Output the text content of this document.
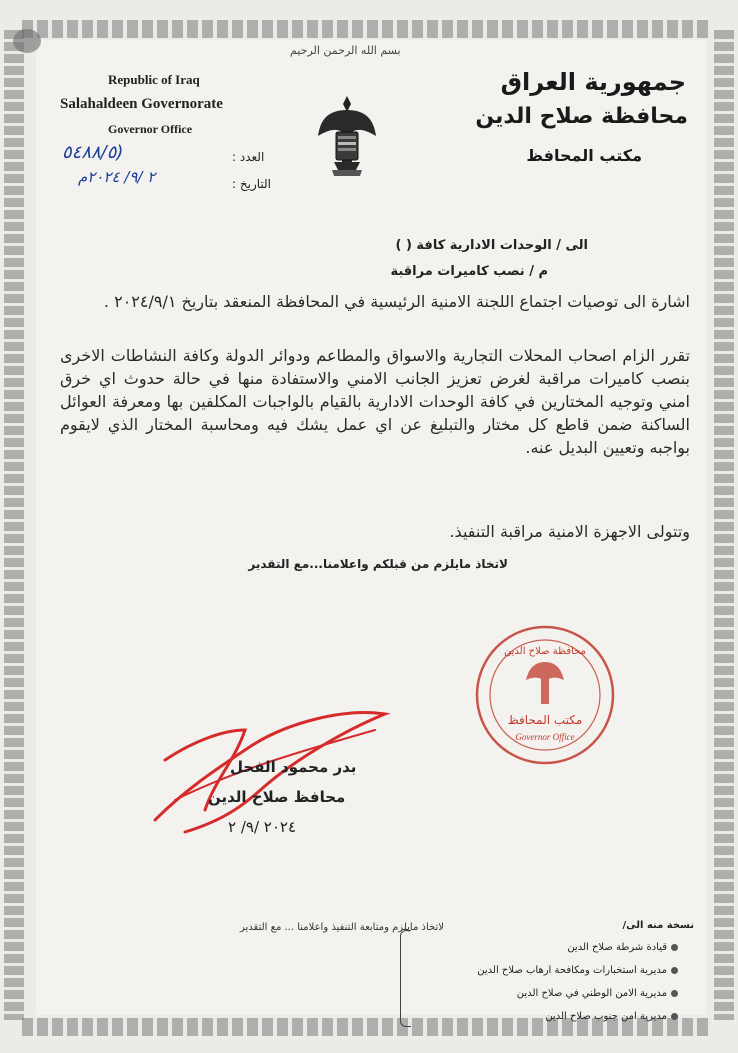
بسم الله الرحمن الرحيم
Republic of Iraq
Salahaldeen Governorate
Governor Office
جمهورية العراق
محافظة صلاح الدين
مكتب المحافظ
العدد :
(٥٤٨٨/٥
التاريخ :
٢ /٩/ ٢٠٢٤م
الى / الوحدات الادارية كافة ( )
م / نصب كاميرات مراقبة
اشارة الى توصيات اجتماع اللجنة الامنية الرئيسية في المحافظة المنعقد بتاريخ ٢٠٢٤/٩/١ .
تقرر الزام اصحاب المحلات التجارية والاسواق والمطاعم ودوائر الدولة وكافة النشاطات الاخرى بنصب كاميرات مراقبة لغرض تعزيز الجانب الامني والاستفادة منها في حالة حدوث اي خرق امني وتوجيه المختارين في كافة الوحدات الادارية بالقيام بالواجبات المكلفين بها ومعرفة العوائل الساكنة ضمن قاطع كل مختار والتبليغ عن اي عمل يشك فيه ومحاسبة المختار الذي لايقوم بواجبه وتعيين البديل عنه.
وتتولى الاجهزة الامنية مراقبة التنفيذ.
لاتخاذ مايلزم من قبلكم واعلامنا...مع التقدير
محافظة صلاح الدين
مكتب المحافظ
Governor Office
بدر محمود الفحل
محافظ صلاح الدين
٢٠٢٤ /٩/ ٢
لاتخاذ مايلزم ومتابعة التنفيذ واعلامنا ... مع التقدير	نسخة منه الى/
قيادة شرطة صلاح الدين
مديرية استخبارات ومكافحة ارهاب صلاح الدين
مديرية الامن الوطني في صلاح الدين
مديرية امن جنوب صلاح الدين
